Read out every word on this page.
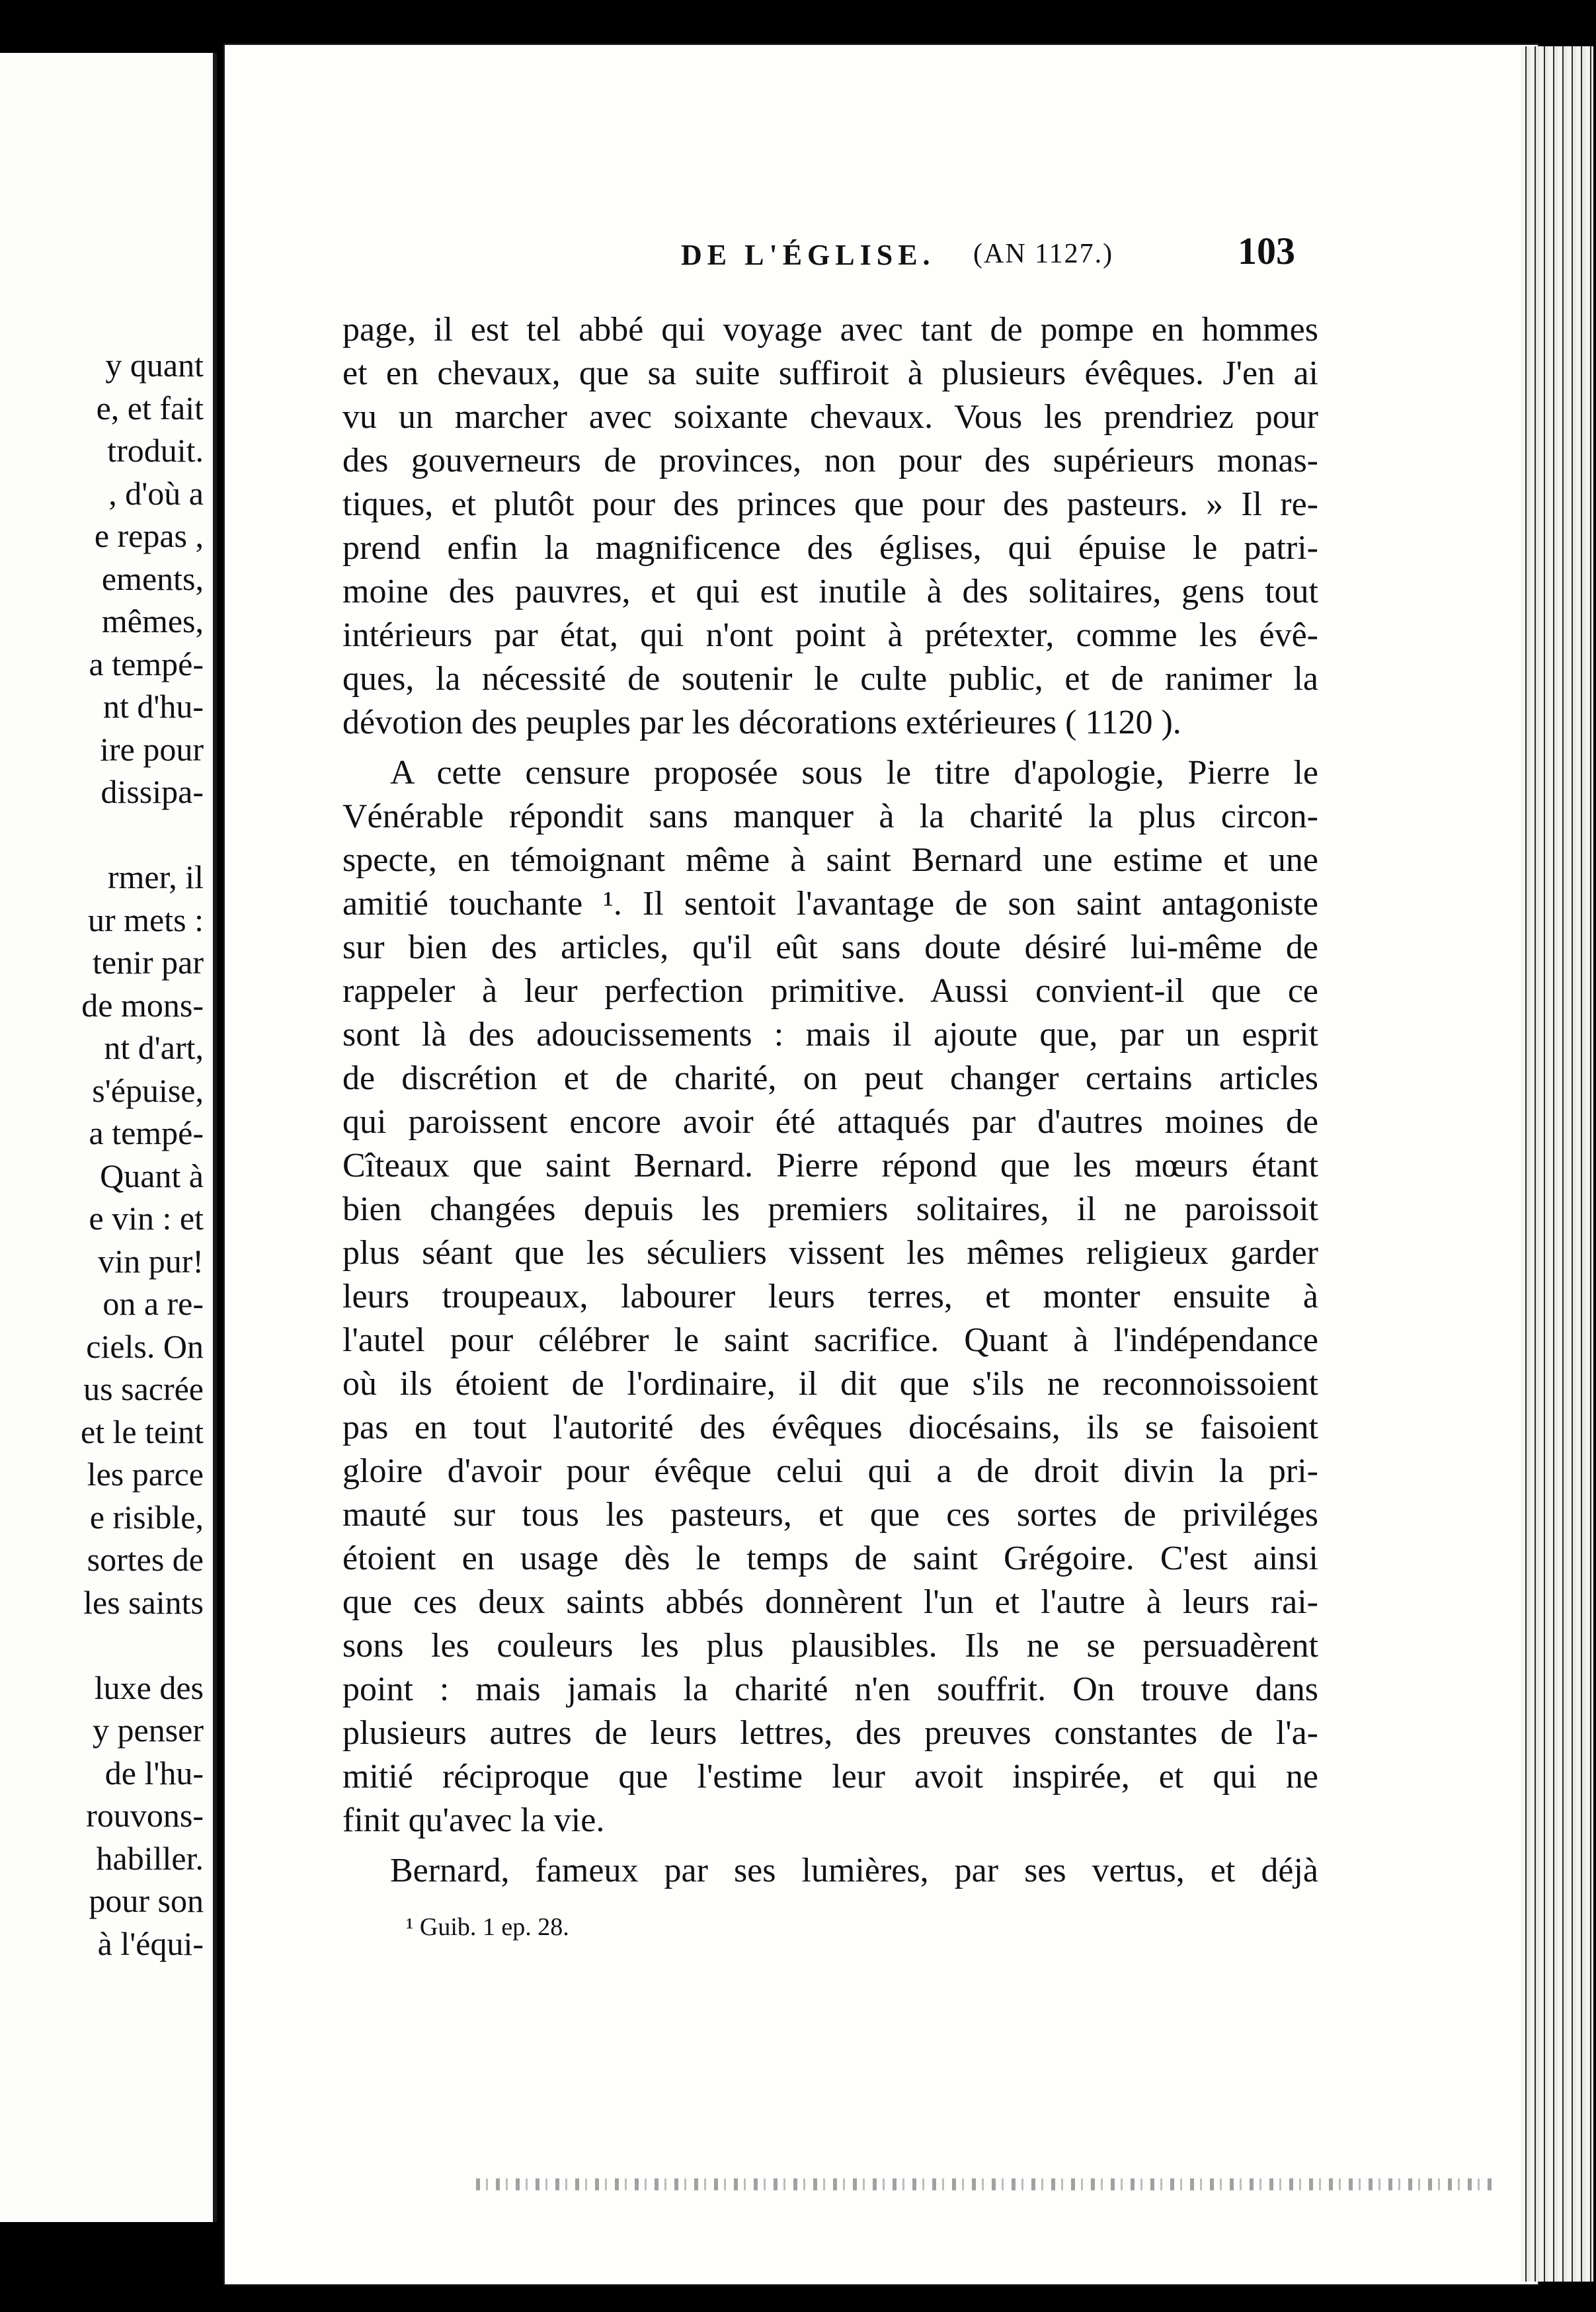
y quant
e, et fait
troduit.
, d'où a
e repas ,
ements,
mêmes,
a tempé-
nt d'hu-
ire pour
dissipa-
rmer, il
ur mets :
tenir par
de mons-
nt d'art,
s'épuise,
a tempé-
Quant à
e vin : et
vin pur!
on a re-
ciels. On
us sacrée
et le teint
les parce
e risible,
sortes de
les saints
luxe des
y penser
de l'hu-
rouvons-
habiller.
pour son
à l'équi-
DE L'ÉGLISE. (AN 1127.)	103
page, il est tel abbé qui voyage avec tant de pompe en hommes
et en chevaux, que sa suite suffiroit à plusieurs évêques. J'en ai
vu un marcher avec soixante chevaux. Vous les prendriez pour
des gouverneurs de provinces, non pour des supérieurs monas-
tiques, et plutôt pour des princes que pour des pasteurs. » Il re-
prend enfin la magnificence des églises, qui épuise le patri-
moine des pauvres, et qui est inutile à des solitaires, gens tout
intérieurs par état, qui n'ont point à prétexter, comme les évê-
ques, la nécessité de soutenir le culte public, et de ranimer la
dévotion des peuples par les décorations extérieures ( 1120 ).
A cette censure proposée sous le titre d'apologie, Pierre le
Vénérable répondit sans manquer à la charité la plus circon-
specte, en témoignant même à saint Bernard une estime et une
amitié touchante ¹. Il sentoit l'avantage de son saint antagoniste
sur bien des articles, qu'il eût sans doute désiré lui-même de
rappeler à leur perfection primitive. Aussi convient-il que ce
sont là des adoucissements : mais il ajoute que, par un esprit
de discrétion et de charité, on peut changer certains articles
qui paroissent encore avoir été attaqués par d'autres moines de
Cîteaux que saint Bernard. Pierre répond que les mœurs étant
bien changées depuis les premiers solitaires, il ne paroissoit
plus séant que les séculiers vissent les mêmes religieux garder
leurs troupeaux, labourer leurs terres, et monter ensuite à
l'autel pour célébrer le saint sacrifice. Quant à l'indépendance
où ils étoient de l'ordinaire, il dit que s'ils ne reconnoissoient
pas en tout l'autorité des évêques diocésains, ils se faisoient
gloire d'avoir pour évêque celui qui a de droit divin la pri-
mauté sur tous les pasteurs, et que ces sortes de priviléges
étoient en usage dès le temps de saint Grégoire. C'est ainsi
que ces deux saints abbés donnèrent l'un et l'autre à leurs rai-
sons les couleurs les plus plausibles. Ils ne se persuadèrent
point : mais jamais la charité n'en souffrit. On trouve dans
plusieurs autres de leurs lettres, des preuves constantes de l'a-
mitié réciproque que l'estime leur avoit inspirée, et qui ne
finit qu'avec la vie.
Bernard, fameux par ses lumières, par ses vertus, et déjà
¹ Guib. 1 ep. 28.
